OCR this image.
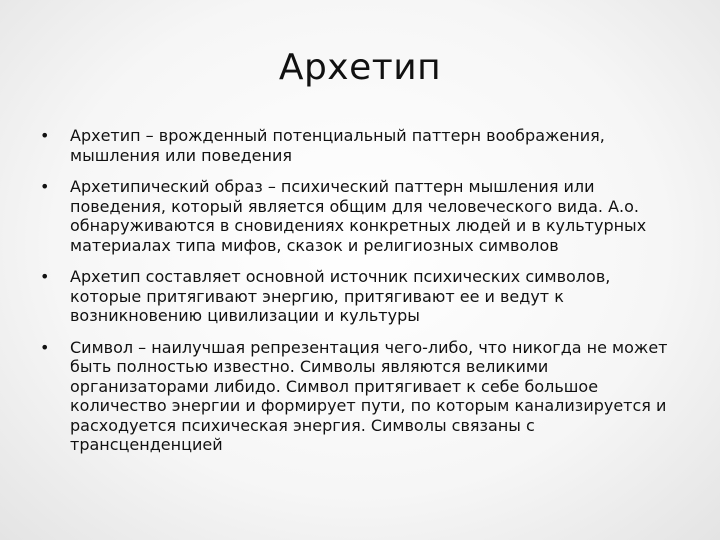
Архетип
• Архетип – врожденный потенциальный паттерн воображения, мышления или поведения
• Архетипический образ – психический паттерн мышления или поведения, который является общим для человеческого вида. А.о. обнаруживаются в сновидениях конкретных людей и в культурных материалах типа мифов, сказок и религиозных символов
• Архетип составляет основной источник психических символов, которые притягивают энергию, притягивают ее и ведут к возникновению цивилизации и культуры
• Символ – наилучшая репрезентация чего-либо, что никогда не может быть полностью известно. Символы являются великими организаторами либидо. Символ притягивает к себе большое количество энергии и формирует пути, по которым канализируется и расходуется психическая энергия. Символы связаны с трансценденцией
